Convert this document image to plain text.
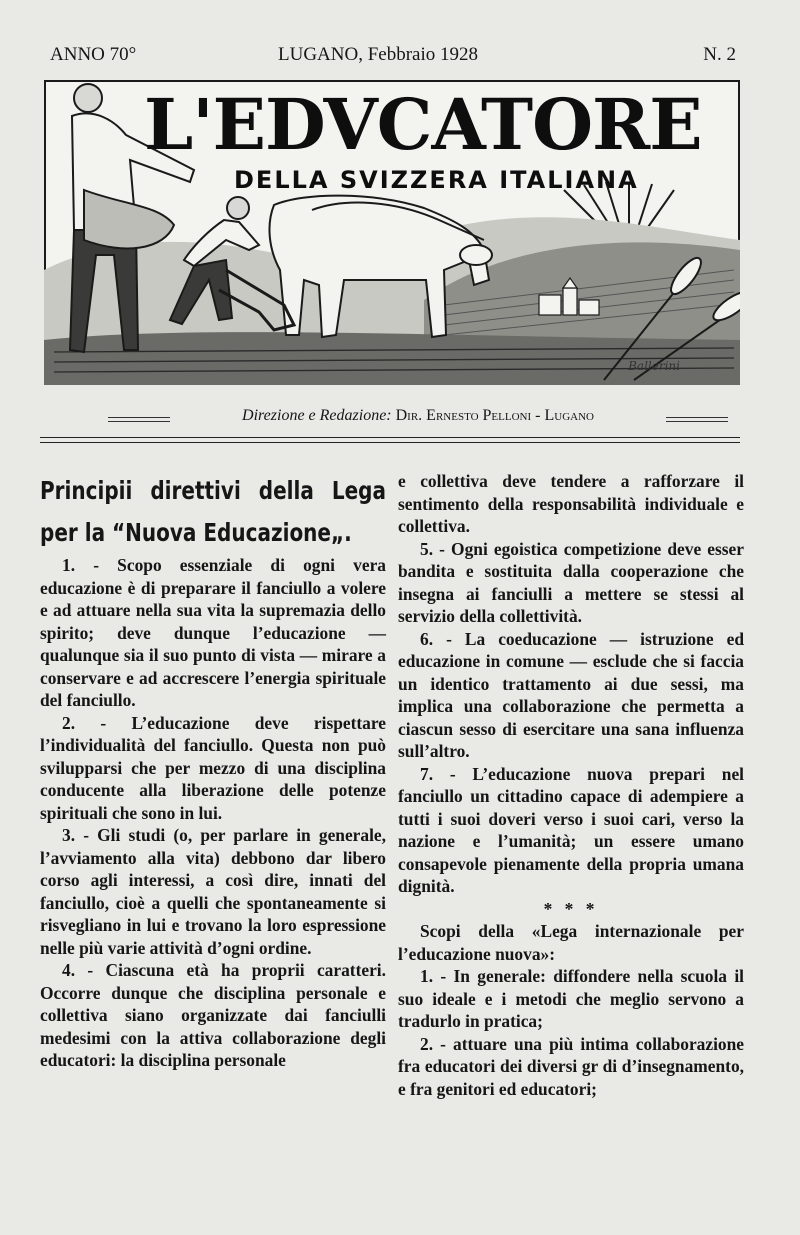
ANNO 70°	LUGANO, Febbraio 1928	N. 2
L'EDVCATORE
DELLA SVIZZERA ITALIANA
Ballerini
Direzione e Redazione: Dir. Ernesto Pelloni - Lugano

Principii direttivi della Lega per la “Nuova Educazione„.

1. - Scopo essenziale di ogni vera educazione è di preparare il fanciullo a volere e ad attuare nella sua vita la supremazia dello spirito; deve dunque l’educazione — qualunque sia il suo punto di vista — mirare a conservare e ad accrescere l’energia spirituale del fanciullo.

2. - L’educazione deve rispettare l’individualità del fanciullo. Questa non può svilupparsi che per mezzo di una disciplina conducente alla liberazione delle potenze spirituali che sono in lui.

3. - Gli studi (o, per parlare in generale, l’avviamento alla vita) debbono dar libero corso agli interessi, a così dire, innati del fanciullo, cioè a quelli che spontaneamente si risvegliano in lui e trovano la loro espressione nelle più varie attività d’ogni ordine.

4. - Ciascuna età ha proprii caratteri. Occorre dunque che disciplina personale e collettiva siano organizzate dai fanciulli medesimi con la attiva collaborazione degli educatori: la disciplina personale

e collettiva deve tendere a rafforzare il sentimento della responsabilità individuale e collettiva.

5. - Ogni egoistica competizione deve esser bandita e sostituita dalla cooperazione che insegna ai fanciulli a mettere se stessi al servizio della collettività.

6. - La coeducazione — istruzione ed educazione in comune — esclude che si faccia un identico trattamento ai due sessi, ma implica una collaborazione che permetta a ciascun sesso di esercitare una sana influenza sull’altro.

7. - L’educazione nuova prepari nel fanciullo un cittadino capace di adempiere a tutti i suoi doveri verso i suoi cari, verso la nazione e l’umanità; un essere umano consapevole pienamente della propria umana dignità.

* * *

Scopi della «Lega internazionale per l’educazione nuova»:

1. - In generale: diffondere nella scuola il suo ideale e i metodi che meglio servono a tradurlo in pratica;

2. - attuare una più intima collaborazione fra educatori dei diversi gr di d’insegnamento, e fra genitori ed educatori;
